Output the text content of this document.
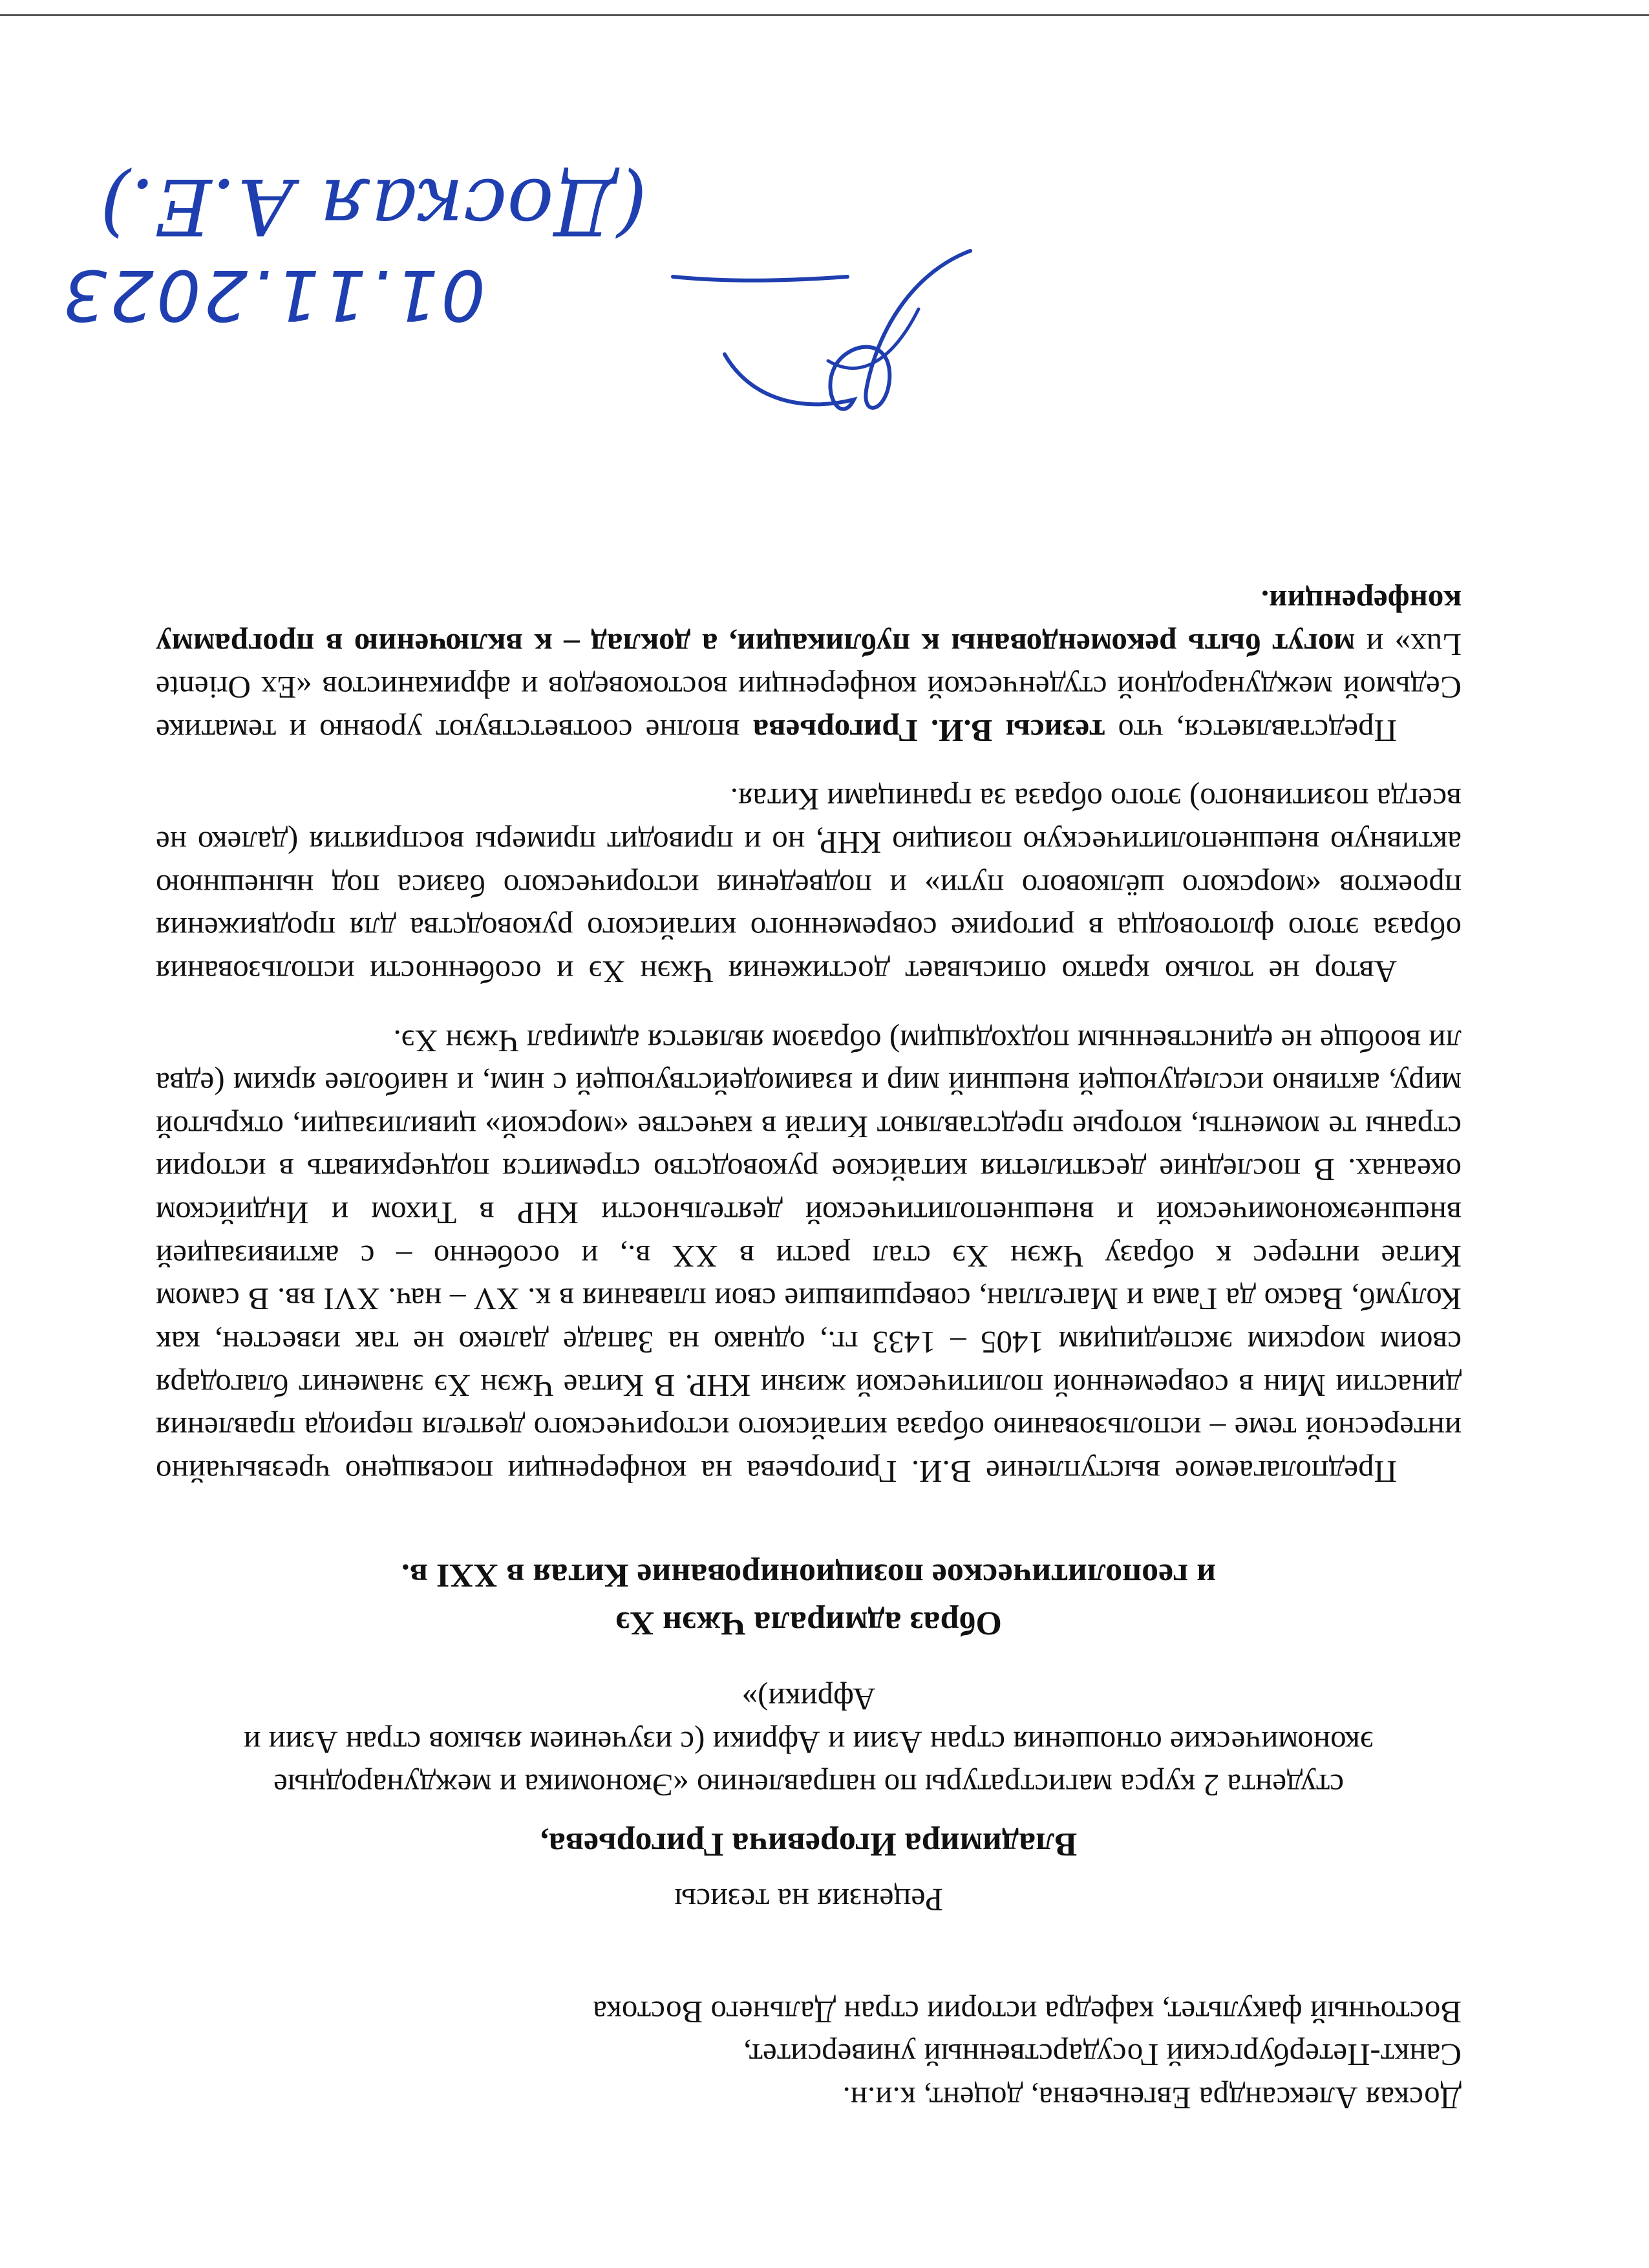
Доская Александра Евгеньевна, доцент, к.и.н.

Санкт-Петербургский Государственный университет,

Восточный факультет, кафедра истории стран Дальнего Востока

Рецензия на тезисы
Владимира Игоревича Григорьева,

студента 2 курса магистратуры по направлению «Экономика и международные

экономические отношения стран Азии и Африки (с изучением языков стран Азии и

Африки)»

Образ адмирала Чжэн Хэ

и геополитическое позиционирование Китая в XXI в.

Предполагаемое выступление В.И. Григорьева на конференции посвящено чрезвычайно интересной теме – использованию образа китайского исторического деятеля периода правления династии Мин в современной политической жизни КНР. В Китае Чжэн Хэ знаменит благодаря своим морским экспедициям 1405 – 1433 гг., однако на Западе далеко не так известен, как Колумб, Васко да Гама и Магеллан, совершившие свои плавания в к. XV – нач. XVI вв. В самом Китае интерес к образу Чжэн Хэ стал расти в XX в., и особенно – с активизацией внешнеэкономической и внешнеполитической деятельности КНР в Тихом и Индийском океанах. В последние десятилетия китайское руководство стремится подчеркивать в истории страны те моменты, которые представляют Китай в качестве «морской» цивилизации, открытой миру, активно исследующей внешний мир и взаимодействующей с ним, и наиболее ярким (едва ли вообще не единственным подходящим) образом является адмирал Чжэн Хэ.

Автор не только кратко описывает достижения Чжэн Хэ и особенности использования образа этого флотоводца в риторике современного китайского руководства для продвижения проектов «морского шёлкового пути» и подведения исторического базиса под нынешнюю активную внешнеполитическую позицию КНР, но и приводит примеры восприятия (далеко не всегда позитивного) этого образа за границами Китая.

Представляется, что тезисы В.И. Григорьева вполне соответствуют уровню и тематике Седьмой международной студенческой конференции востоковедов и африканистов «Ex Oriente Lux» и могут быть рекомендованы к публикации, а доклад – к включению в программу конференции.

01.11.2023
(Доская А.Е.)
